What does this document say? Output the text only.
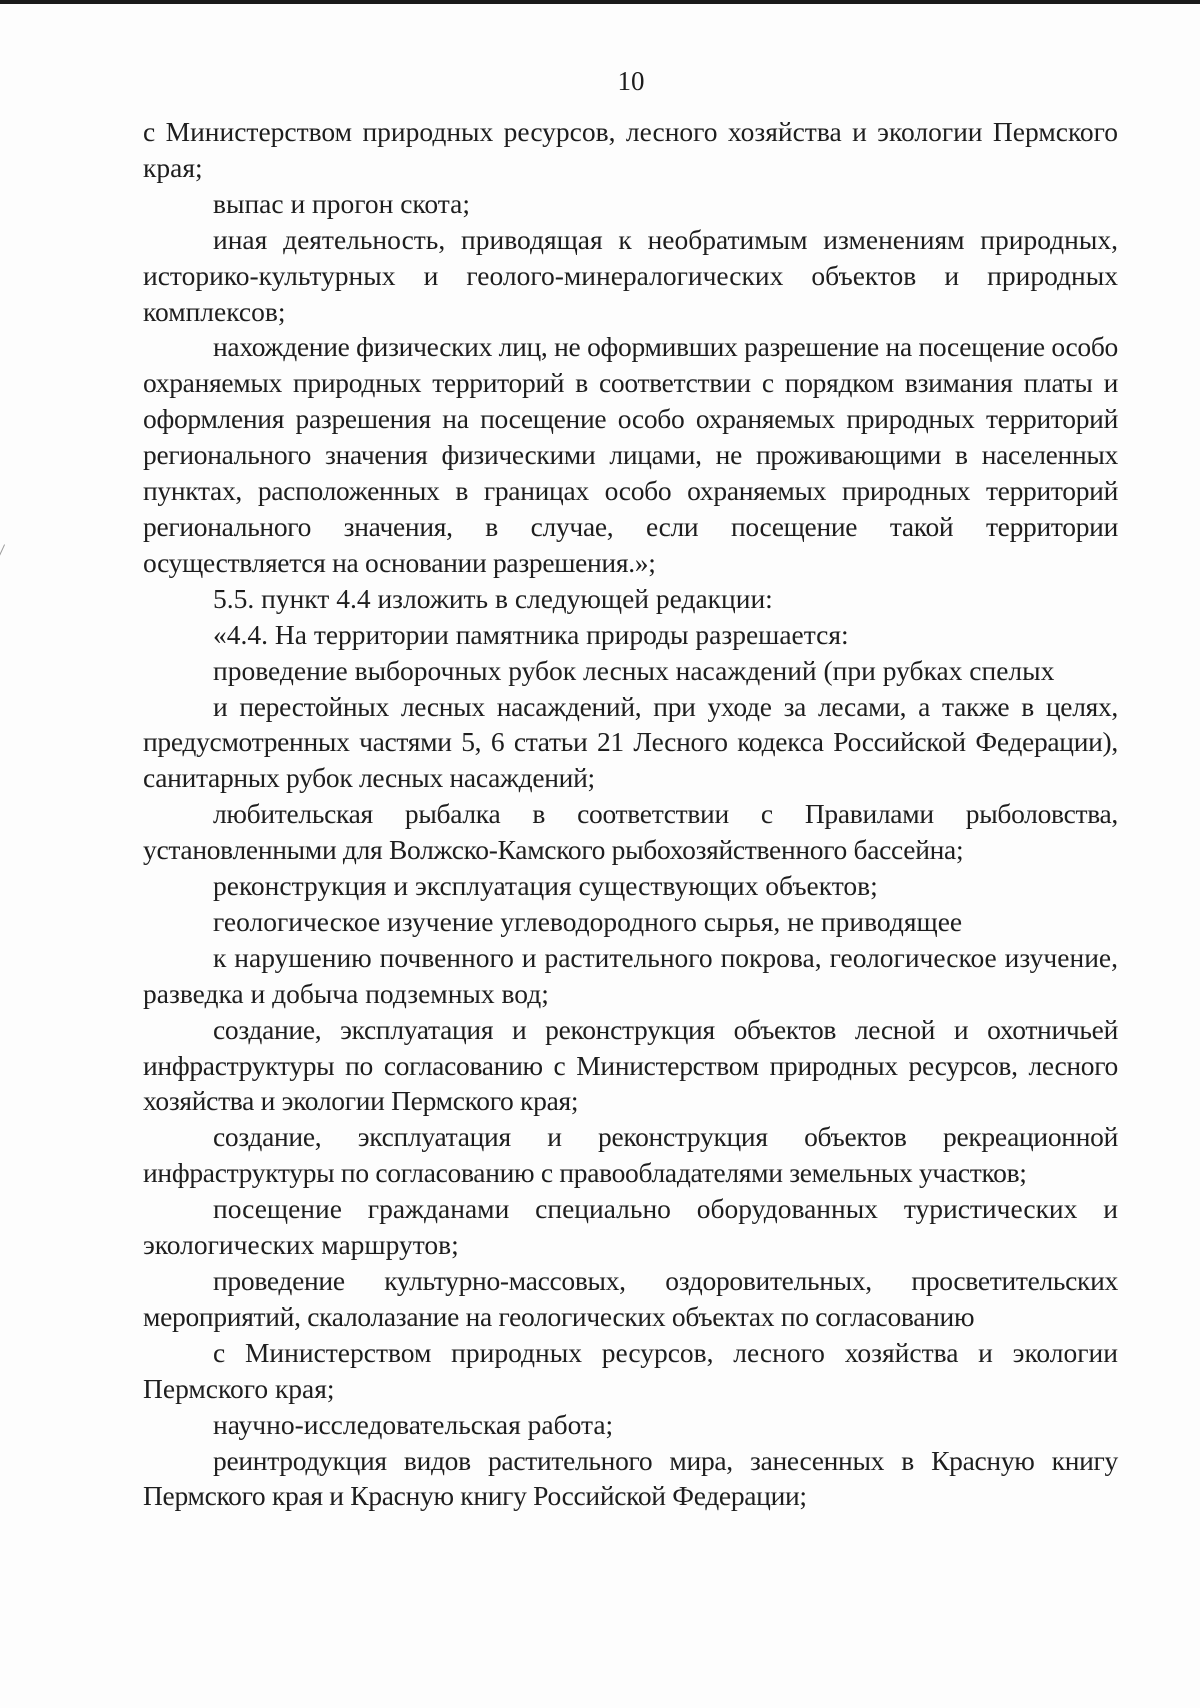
10

с Министерством природных ресурсов, лесного хозяйства и экологии Пермского края;

выпас и прогон скота;

иная деятельность, приводящая к необратимым изменениям природных, историко-культурных и геолого-минералогических объектов и природных комплексов;

нахождение физических лиц, не оформивших разрешение на посещение особо охраняемых природных территорий в соответствии с порядком взимания платы и оформления разрешения на посещение особо охраняемых природных территорий регионального значения физическими лицами, не проживающими в населенных пунктах, расположенных в границах особо охраняемых природных территорий регионального значения, в случае, если посещение такой территории осуществляется на основании разрешения.»;

5.5. пункт 4.4 изложить в следующей редакции:

«4.4. На территории памятника природы разрешается:

проведение выборочных рубок лесных насаждений (при рубках спелых

и перестойных лесных насаждений, при уходе за лесами, а также в целях, предусмотренных частями 5, 6 статьи 21 Лесного кодекса Российской Федерации), санитарных рубок лесных насаждений;

любительская рыбалка в соответствии с Правилами рыболовства, установленными для Волжско-Камского рыбохозяйственного бассейна;

реконструкция и эксплуатация существующих объектов;

геологическое изучение углеводородного сырья, не приводящее

к нарушению почвенного и растительного покрова, геологическое изучение, разведка и добыча подземных вод;

создание, эксплуатация и реконструкция объектов лесной и охотничьей инфраструктуры по согласованию с Министерством природных ресурсов, лесного хозяйства и экологии Пермского края;

создание, эксплуатация и реконструкция объектов рекреационной инфраструктуры по согласованию с правообладателями земельных участков;

посещение гражданами специально оборудованных туристических и экологических маршрутов;

проведение культурно-массовых, оздоровительных, просветительских мероприятий, скалолазание на геологических объектах по согласованию

с Министерством природных ресурсов, лесного хозяйства и экологии Пермского края;

научно-исследовательская работа;

реинтродукция видов растительного мира, занесенных в Красную книгу Пермского края и Красную книгу Российской Федерации;
